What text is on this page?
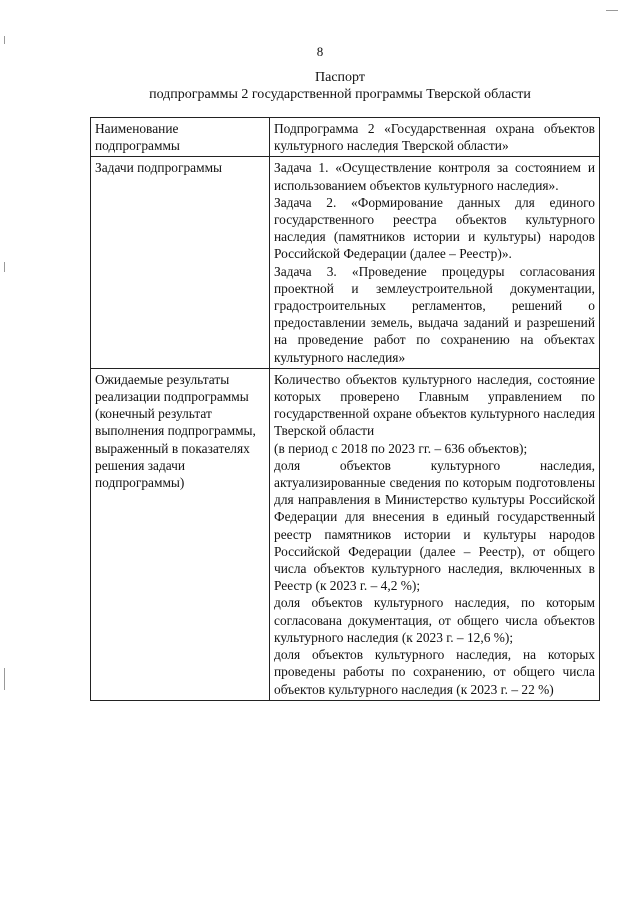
8
Паспорт
подпрограммы 2 государственной программы Тверской области
Наименование подпрограммы	Подпрограмма 2 «Государственная охрана объектов культурного наследия Тверской области»

Задачи подпрограммы	Задача 1. «Осуществление контроля за состоянием и использованием объектов культурного наследия».
Задача 2. «Формирование данных для единого государственного реестра объектов культурного наследия (памятников истории и культуры) народов Российской Федерации (далее – Реестр)».
Задача 3. «Проведение процедуры согласования проектной и землеустроительной документации, градостроительных регламентов, решений о предоставлении земель, выдача заданий и разрешений на проведение работ по сохранению на объектах культурного наследия»

Ожидаемые результаты реализации подпрограммы (конечный результат выполнения подпрограммы, выраженный в показателях решения задачи подпрограммы)	Количество объектов культурного наследия, состояние которых проверено Главным управлением по государственной охране объектов культурного наследия Тверской области
(в период с 2018 по 2023 гг. – 636 объектов);
доля объектов культурного наследия, актуализированные сведения по которым подготовлены для направления в Министерство культуры Российской Федерации для внесения в единый государственный реестр памятников истории и культуры народов Российской Федерации (далее – Реестр), от общего числа объектов культурного наследия, включенных в Реестр (к 2023 г. – 4,2 %);
доля объектов культурного наследия, по которым согласована документация, от общего числа объектов культурного наследия (к 2023 г. – 12,6 %);
доля объектов культурного наследия, на которых проведены работы по сохранению, от общего числа объектов культурного наследия (к 2023 г. – 22 %)
